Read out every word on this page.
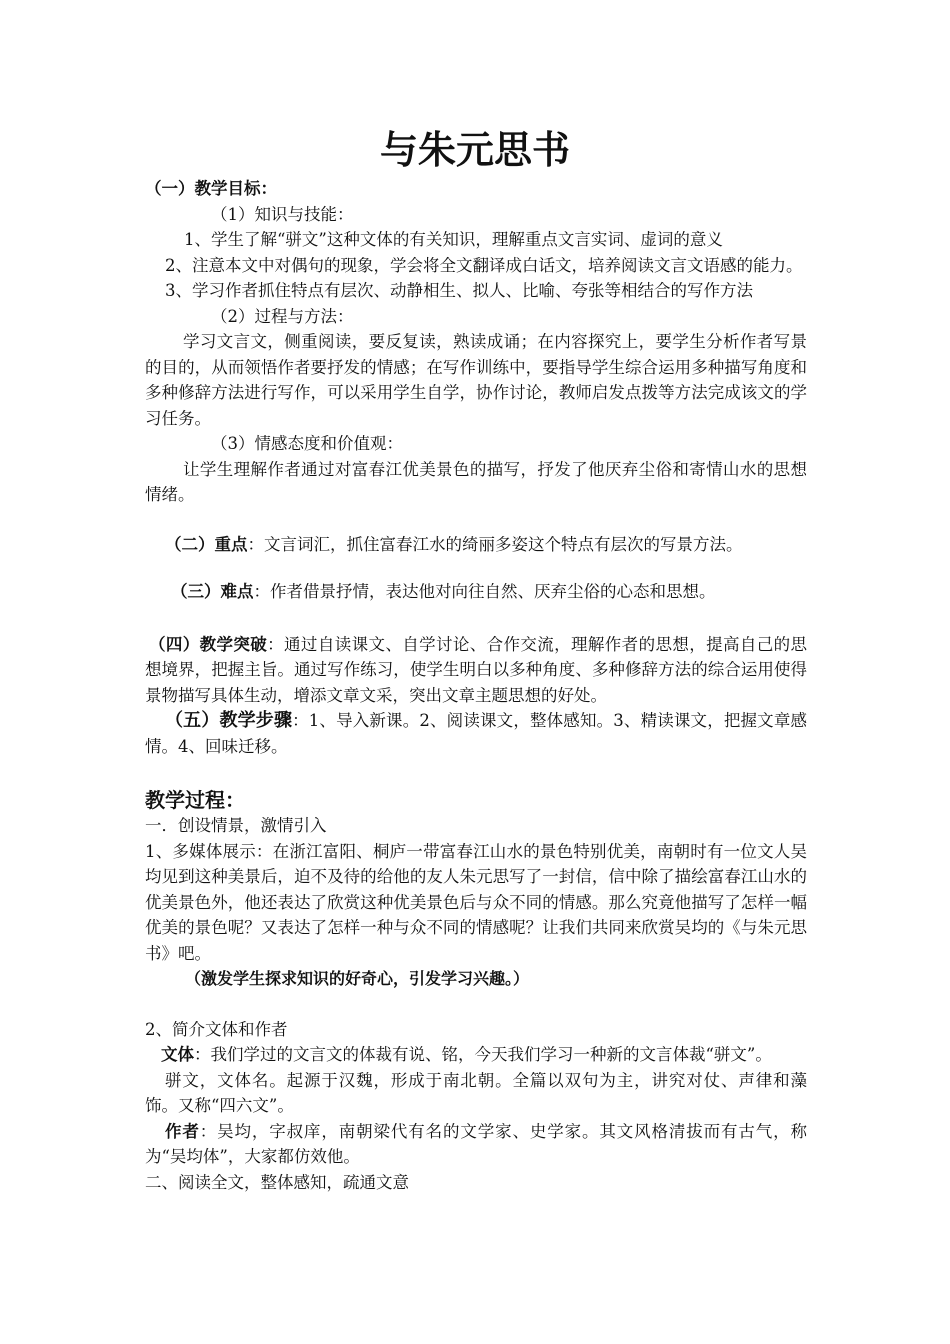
与朱元思书

（一）教学目标：

（1）知识与技能：

1、学生了解“骈文”这种文体的有关知识，理解重点文言实词、虚词的意义

2、注意本文中对偶句的现象，学会将全文翻译成白话文，培养阅读文言文语感的能力。

3、学习作者抓住特点有层次、动静相生、拟人、比喻、夸张等相结合的写作方法

（2）过程与方法：

学习文言文，侧重阅读，要反复读，熟读成诵；在内容探究上，要学生分析作者写景的目的，从而领悟作者要抒发的情感；在写作训练中，要指导学生综合运用多种描写角度和多种修辞方法进行写作，可以采用学生自学，协作讨论，教师启发点拨等方法完成该文的学习任务。

（3）情感态度和价值观：

让学生理解作者通过对富春江优美景色的描写，抒发了他厌弃尘俗和寄情山水的思想情绪。

（二）重点：文言词汇，抓住富春江水的绮丽多姿这个特点有层次的写景方法。

（三）难点：作者借景抒情，表达他对向往自然、厌弃尘俗的心态和思想。

（四）教学突破：通过自读课文、自学讨论、合作交流，理解作者的思想，提高自己的思想境界，把握主旨。通过写作练习，使学生明白以多种角度、多种修辞方法的综合运用使得景物描写具体生动，增添文章文采，突出文章主题思想的好处。

（五）教学步骤：1、导入新课。2、阅读课文，整体感知。3、精读课文，把握文章感情。4、回味迁移。

教学过程：

一．创设情景，激情引入

1、多媒体展示：在浙江富阳、桐庐一带富春江山水的景色特别优美，南朝时有一位文人吴均见到这种美景后，迫不及待的给他的友人朱元思写了一封信，信中除了描绘富春江山水的优美景色外，他还表达了欣赏这种优美景色后与众不同的情感。那么究竟他描写了怎样一幅优美的景色呢？又表达了怎样一种与众不同的情感呢？让我们共同来欣赏吴均的《与朱元思书》吧。

（激发学生探求知识的好奇心，引发学习兴趣。）

2、简介文体和作者

文体：我们学过的文言文的体裁有说、铭，今天我们学习一种新的文言体裁“骈文”。

骈文，文体名。起源于汉魏，形成于南北朝。全篇以双句为主，讲究对仗、声律和藻饰。又称“四六文”。

作者：吴均，字叔庠，南朝梁代有名的文学家、史学家。其文风格清拔而有古气，称为“吴均体”，大家都仿效他。

二、阅读全文，整体感知，疏通文意
